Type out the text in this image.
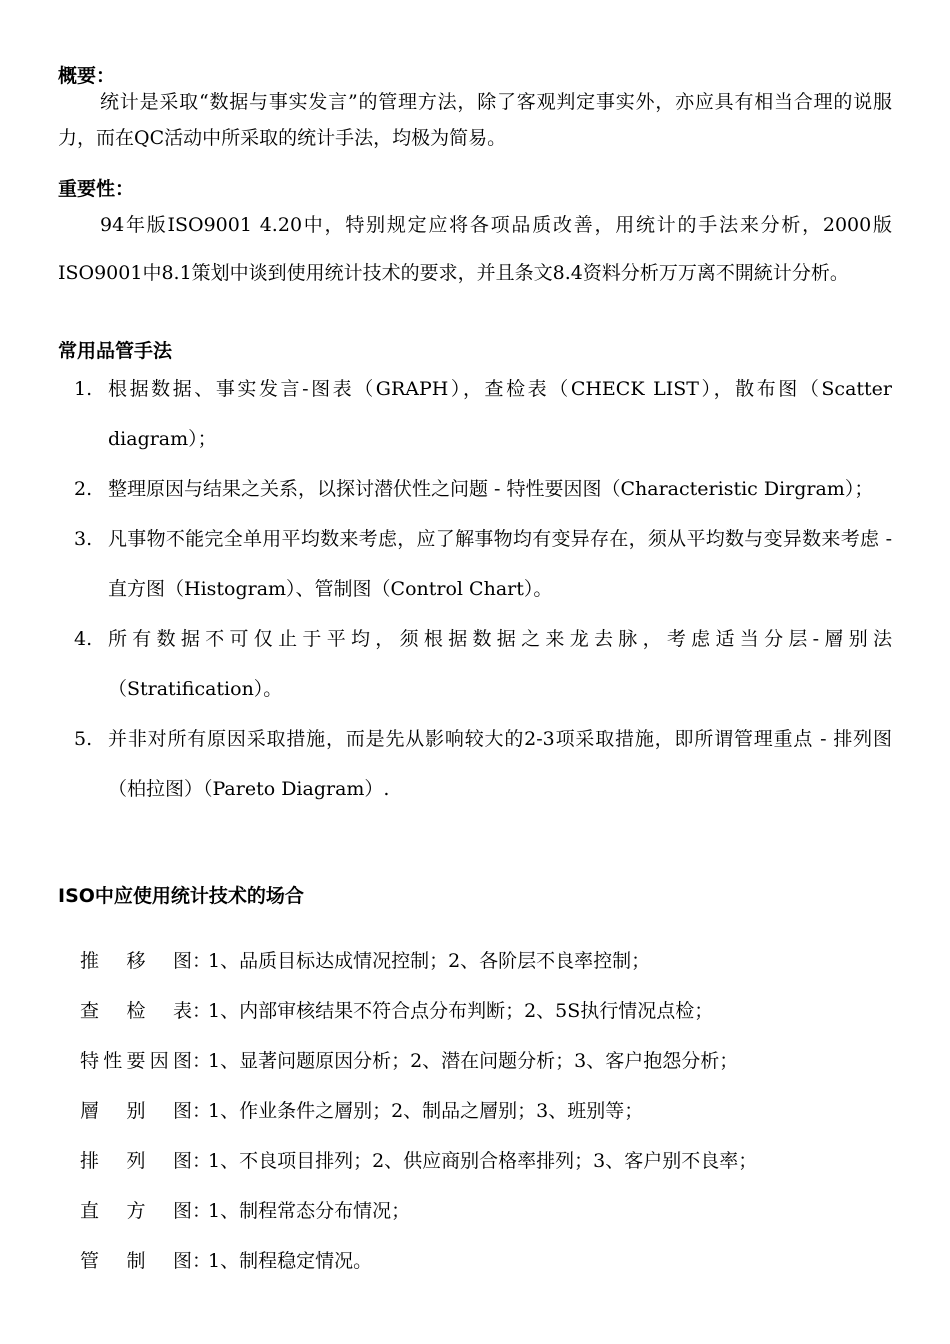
概要：
统计是采取“数据与事实发言”的管理方法，除了客观判定事实外，亦应具有相当合理的说服力，而在QC活动中所采取的统计手法，均极为简易。
重要性：
94年版ISO9001 4.20中，特别规定应将各项品质改善，用统计的手法来分析，2000版ISO9001中8.1策划中谈到使用统计技术的要求，并且条文8.4资料分析万万离不開統计分析。
常用品管手法
1. 根据数据、事实发言-图表（GRAPH），查检表（CHECK LIST），散布图（Scatter diagram）；
2. 整理原因与结果之关系，以探讨潜伏性之问题 - 特性要因图（Characteristic Dirgram）；
3. 凡事物不能完全单用平均数来考虑，应了解事物均有变异存在，须从平均数与变异数来考虑 - 直方图（Histogram）、管制图（Control Chart）。
4. 所有数据不可仅止于平均，须根据数据之来龙去脉，考虑适当分层-層别法（Stratification）。
5. 并非对所有原因采取措施，而是先从影响较大的2-3项采取措施，即所谓管理重点 - 排列图（柏拉图）（Pareto Diagram）.
ISO中应使用统计技术的场合
推移图 ：
1、品质目标达成情况控制；2、各阶层不良率控制；
查检表 ：
1、内部审核结果不符合点分布判断；2、5S执行情况点检；
特性要因图 ：
1、显著问题原因分析；2、潜在问题分析；3、客户抱怨分析；
層别图 ：
1、作业条件之層别；2、制品之層别；3、班别等；
排列图 ：
1、不良项目排列；2、供应商别合格率排列；3、客户别不良率；
直方图 ：
1、制程常态分布情况；
管制图 ：
1、制程稳定情况。
